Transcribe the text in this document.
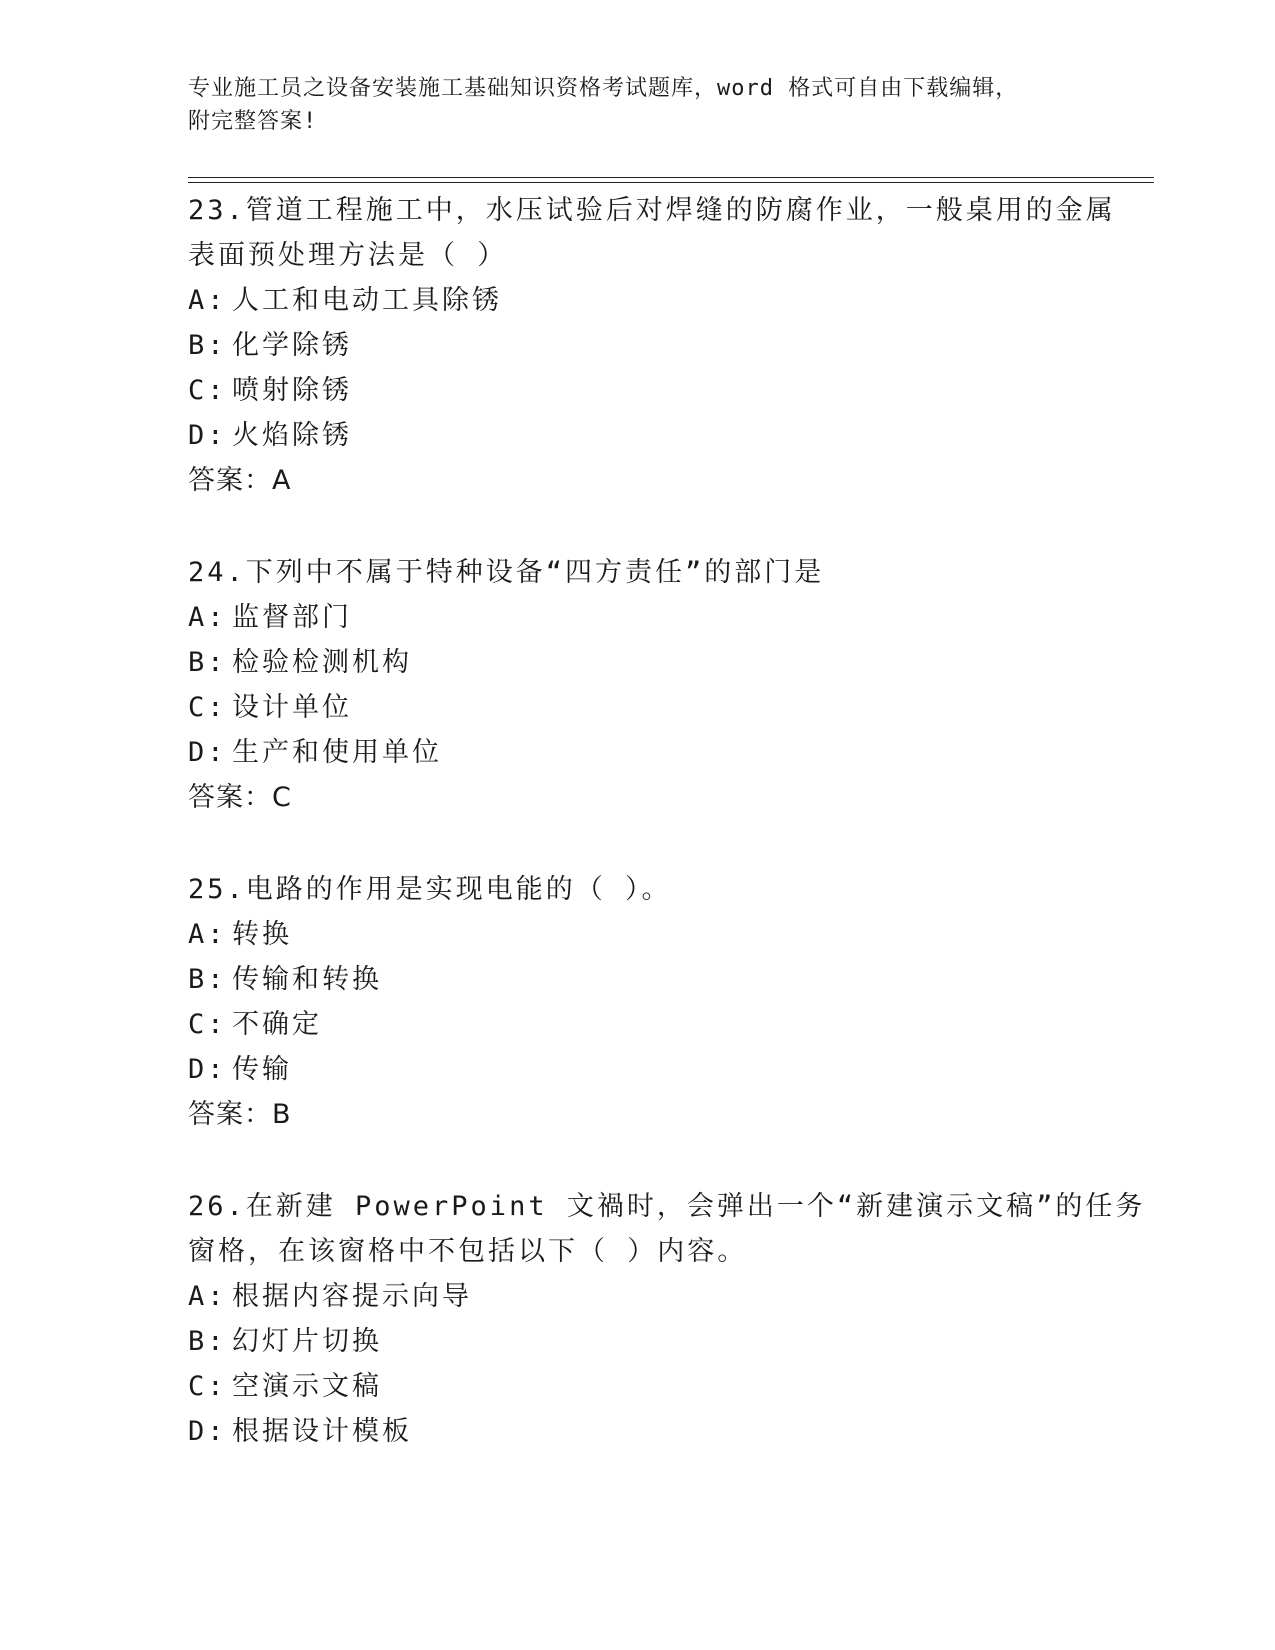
专业施工员之设备安装施工基础知识资格考试题库，word 格式可自由下载编辑，
附完整答案!
23.管道工程施工中，水压试验后对焊缝的防腐作业，一般桌用的金属
表面预处理方法是（ ）
A: 人工和电动工具除锈
B: 化学除锈
C: 喷射除锈
D: 火焰除锈
答案：A
24.下列中不属于特种设备“四方责任”的部门是
A: 监督部门
B: 检验检测机构
C: 设计单位
D: 生产和使用单位
答案：C
25.电路的作用是实现电能的（ ）。
A: 转换
B: 传输和转换
C: 不确定
D: 传输
答案：B
26.在新建 PowerPoint 文禍时，会弹出一个“新建演示文稿”的任务
窗格，在该窗格中不包括以下（ ）内容。
A: 根据内容提示向导
B: 幻灯片切换
C: 空演示文稿
D: 根据设计模板
